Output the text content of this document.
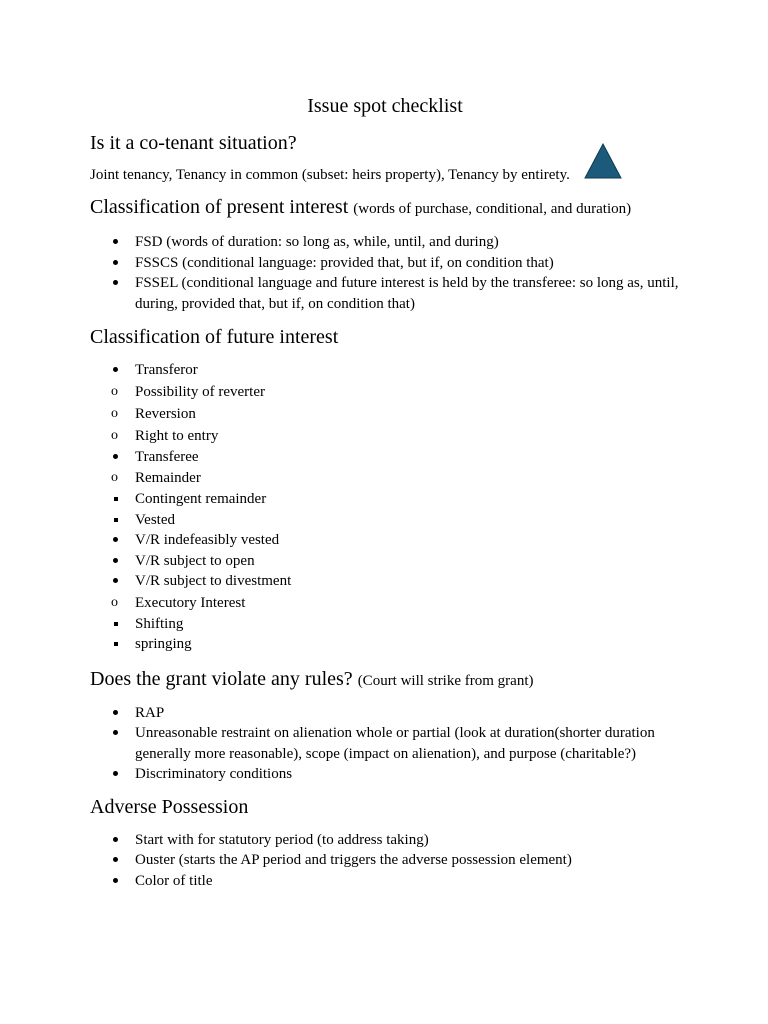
Issue spot checklist
Is it a co-tenant situation?
Joint tenancy, Tenancy in common (subset: heirs property), Tenancy by entirety.
Classification of present interest (words of purchase, conditional, and duration)
FSD (words of duration: so long as, while, until, and during)
FSSCS (conditional language: provided that, but if, on condition that)
FSSEL (conditional language and future interest is held by the transferee: so long as, until, during, provided that, but if, on condition that)
Classification of future interest
Transferor
o Possibility of reverter
o Reversion
o Right to entry
Transferee
o Remainder
Contingent remainder
Vested
V/R indefeasibly vested
V/R subject to open
V/R subject to divestment
o Executory Interest
Shifting
springing
Does the grant violate any rules? (Court will strike from grant)
RAP
Unreasonable restraint on alienation whole or partial (look at duration(shorter duration generally more reasonable), scope (impact on alienation), and purpose (charitable?)
Discriminatory conditions
Adverse Possession
Start with for statutory period (to address taking)
Ouster (starts the AP period and triggers the adverse possession element)
Color of title
